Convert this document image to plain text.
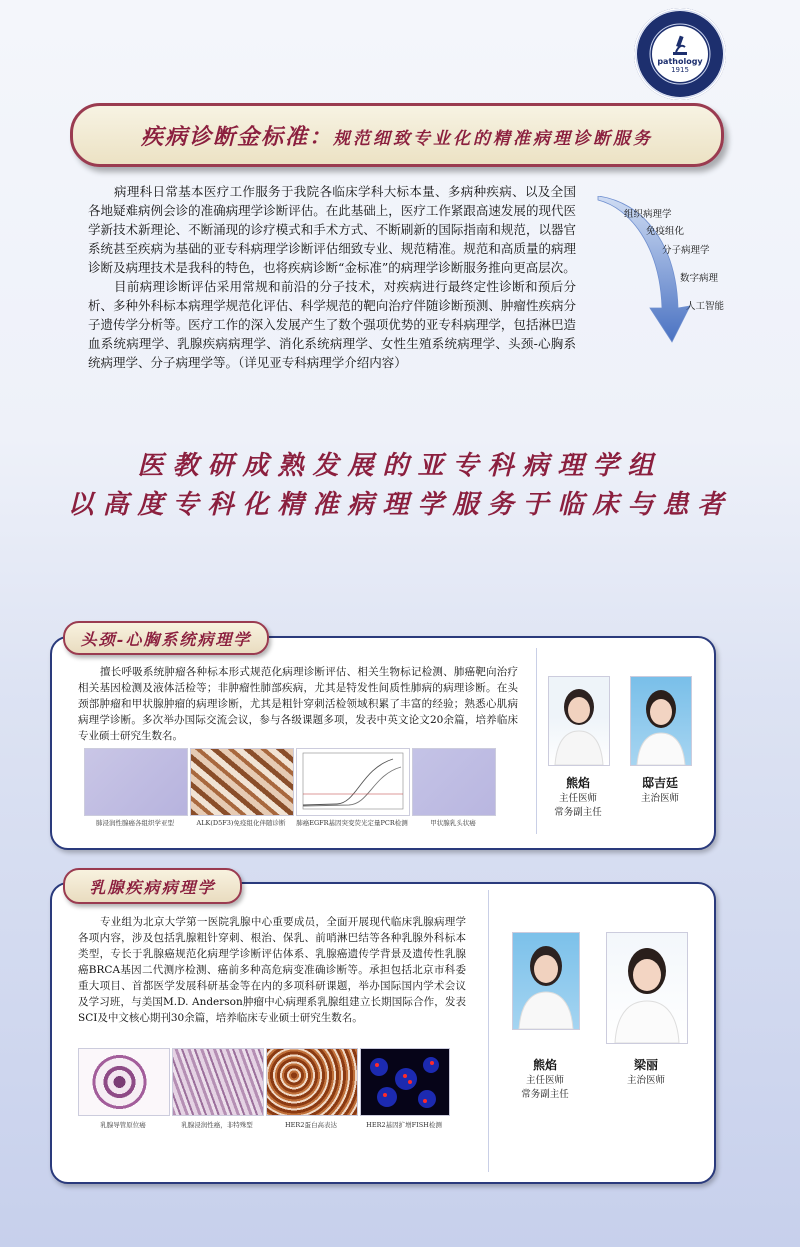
pathology
1915
疾病诊断金标准：规范细致专业化的精准病理诊断服务

病理科日常基本医疗工作服务于我院各临床学科大标本量、多病种疾病、以及全国各地疑难病例会诊的准确病理学诊断评估。在此基础上，医疗工作紧跟高速发展的现代医学新技术新理论、不断涌现的诊疗模式和手术方式、不断刷新的国际指南和规范，以器官系统甚至疾病为基础的亚专科病理学诊断评估细致专业、规范精准。规范和高质量的病理诊断及病理技术是我科的特色，也将疾病诊断“金标准”的病理学诊断服务推向更高层次。

目前病理诊断评估采用常规和前沿的分子技术，对疾病进行最终定性诊断和预后分析、多种外科标本病理学规范化评估、科学规范的靶向治疗伴随诊断预测、肿瘤性疾病分子遗传学分析等。医疗工作的深入发展产生了数个强项优势的亚专科病理学，包括淋巴造血系统病理学、乳腺疾病病理学、消化系统病理学、女性生殖系统病理学、头颈-心胸系统病理学、分子病理学等。（详见亚专科病理学介绍内容）

组织病理学
免疫组化
分子病理学
数字病理
人工智能
医教研成熟发展的亚专科病理学组
以高度专科化精准病理学服务于临床与患者
头颈-心胸系统病理学
擅长呼吸系统肿瘤各种标本形式规范化病理诊断评估、相关生物标记检测、肺癌靶向治疗相关基因检测及液体活检等；非肿瘤性肺部疾病，尤其是特发性间质性肺病的病理诊断。在头颈部肿瘤和甲状腺肿瘤的病理诊断，尤其是粗针穿刺活检领域积累了丰富的经验；熟悉心肌病病理学诊断。多次举办国际交流会议，参与各级课题多项，发表中英文论文20余篇，培养临床专业硕士研究生数名。
肺浸润性腺癌各组织学亚型	ALK(D5F3)免疫组化伴随诊断	肺癌EGFR基因突变荧光定量PCR检测	甲状腺乳头状癌
熊焰
主任医师
常务副主任
邸吉廷
主治医师
乳腺疾病病理学
专业组为北京大学第一医院乳腺中心重要成员，全面开展现代临床乳腺病理学各项内容，涉及包括乳腺粗针穿刺、根治、保乳、前哨淋巴结等各种乳腺外科标本类型，专长于乳腺癌规范化病理学诊断评估体系、乳腺癌遗传学背景及遗传性乳腺癌BRCA基因二代测序检测、癌前多种高危病变准确诊断等。承担包括北京市科委重大项目、首都医学发展科研基金等在内的多项科研课题，举办国际国内学术会议及学习班，与美国M.D. Anderson肿瘤中心病理系乳腺组建立长期国际合作，发表SCI及中文核心期刊30余篇，培养临床专业硕士研究生数名。
乳腺导管原位癌	乳腺浸润性癌，非特殊型	HER2蛋白高表达	HER2基因扩增FISH检测
熊焰
主任医师
常务副主任
梁丽
主治医师
